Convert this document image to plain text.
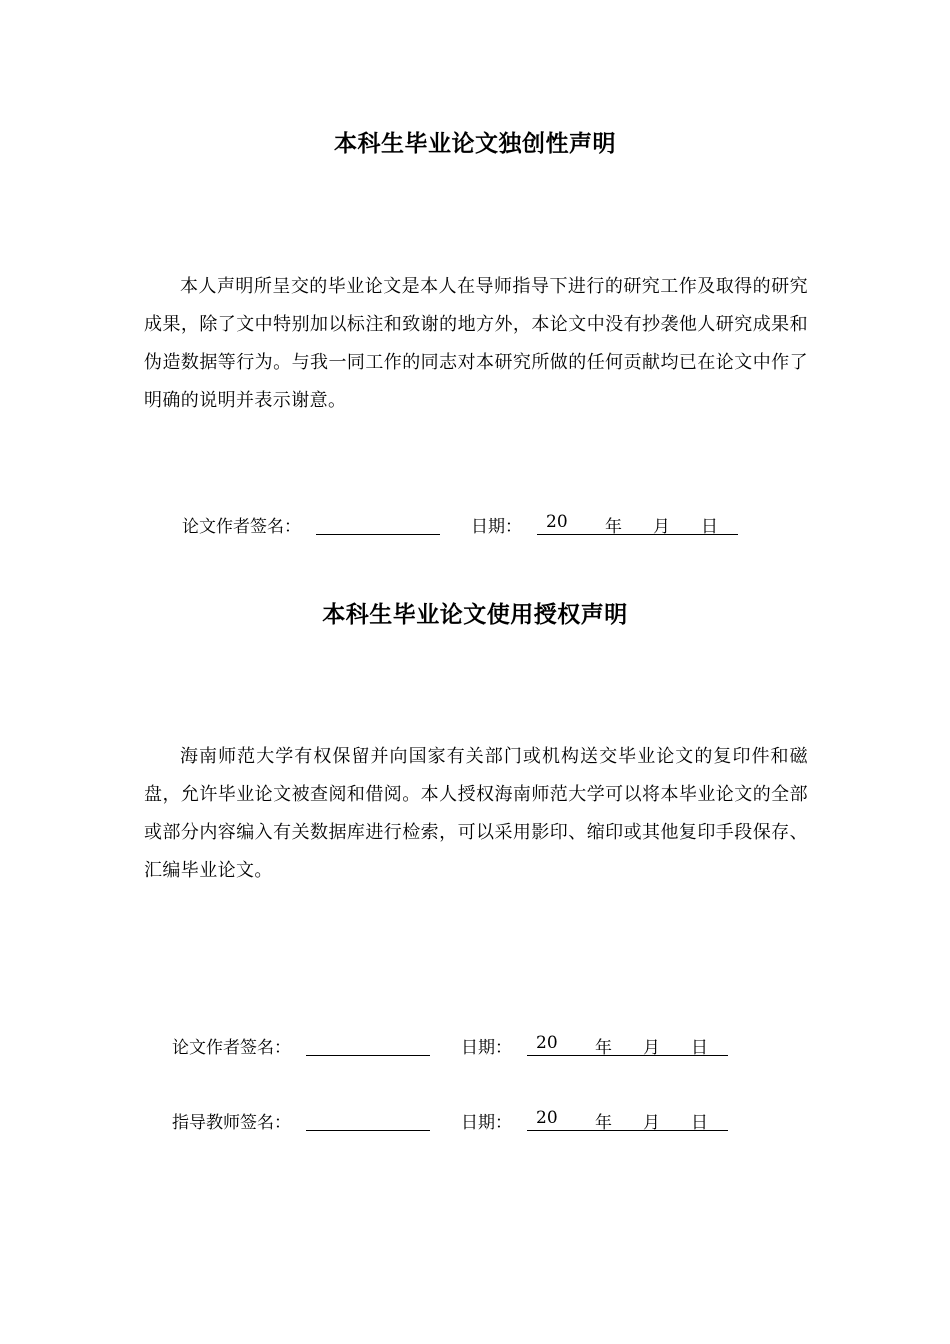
本科生毕业论文独创性声明

本人声明所呈交的毕业论文是本人在导师指导下进行的研究工作及取得的研究成果，除了文中特别加以标注和致谢的地方外，本论文中没有抄袭他人研究成果和伪造数据等行为。与我一同工作的同志对本研究所做的任何贡献均已在论文中作了明确的说明并表示谢意。

论文作者签名：	日期： 20 年 月 日
本科生毕业论文使用授权声明

海南师范大学有权保留并向国家有关部门或机构送交毕业论文的复印件和磁盘，允许毕业论文被查阅和借阅。本人授权海南师范大学可以将本毕业论文的全部或部分内容编入有关数据库进行检索，可以采用影印、缩印或其他复印手段保存、汇编毕业论文。

论文作者签名：	日期： 20 年 月 日
指导教师签名：	日期： 20 年 月 日
